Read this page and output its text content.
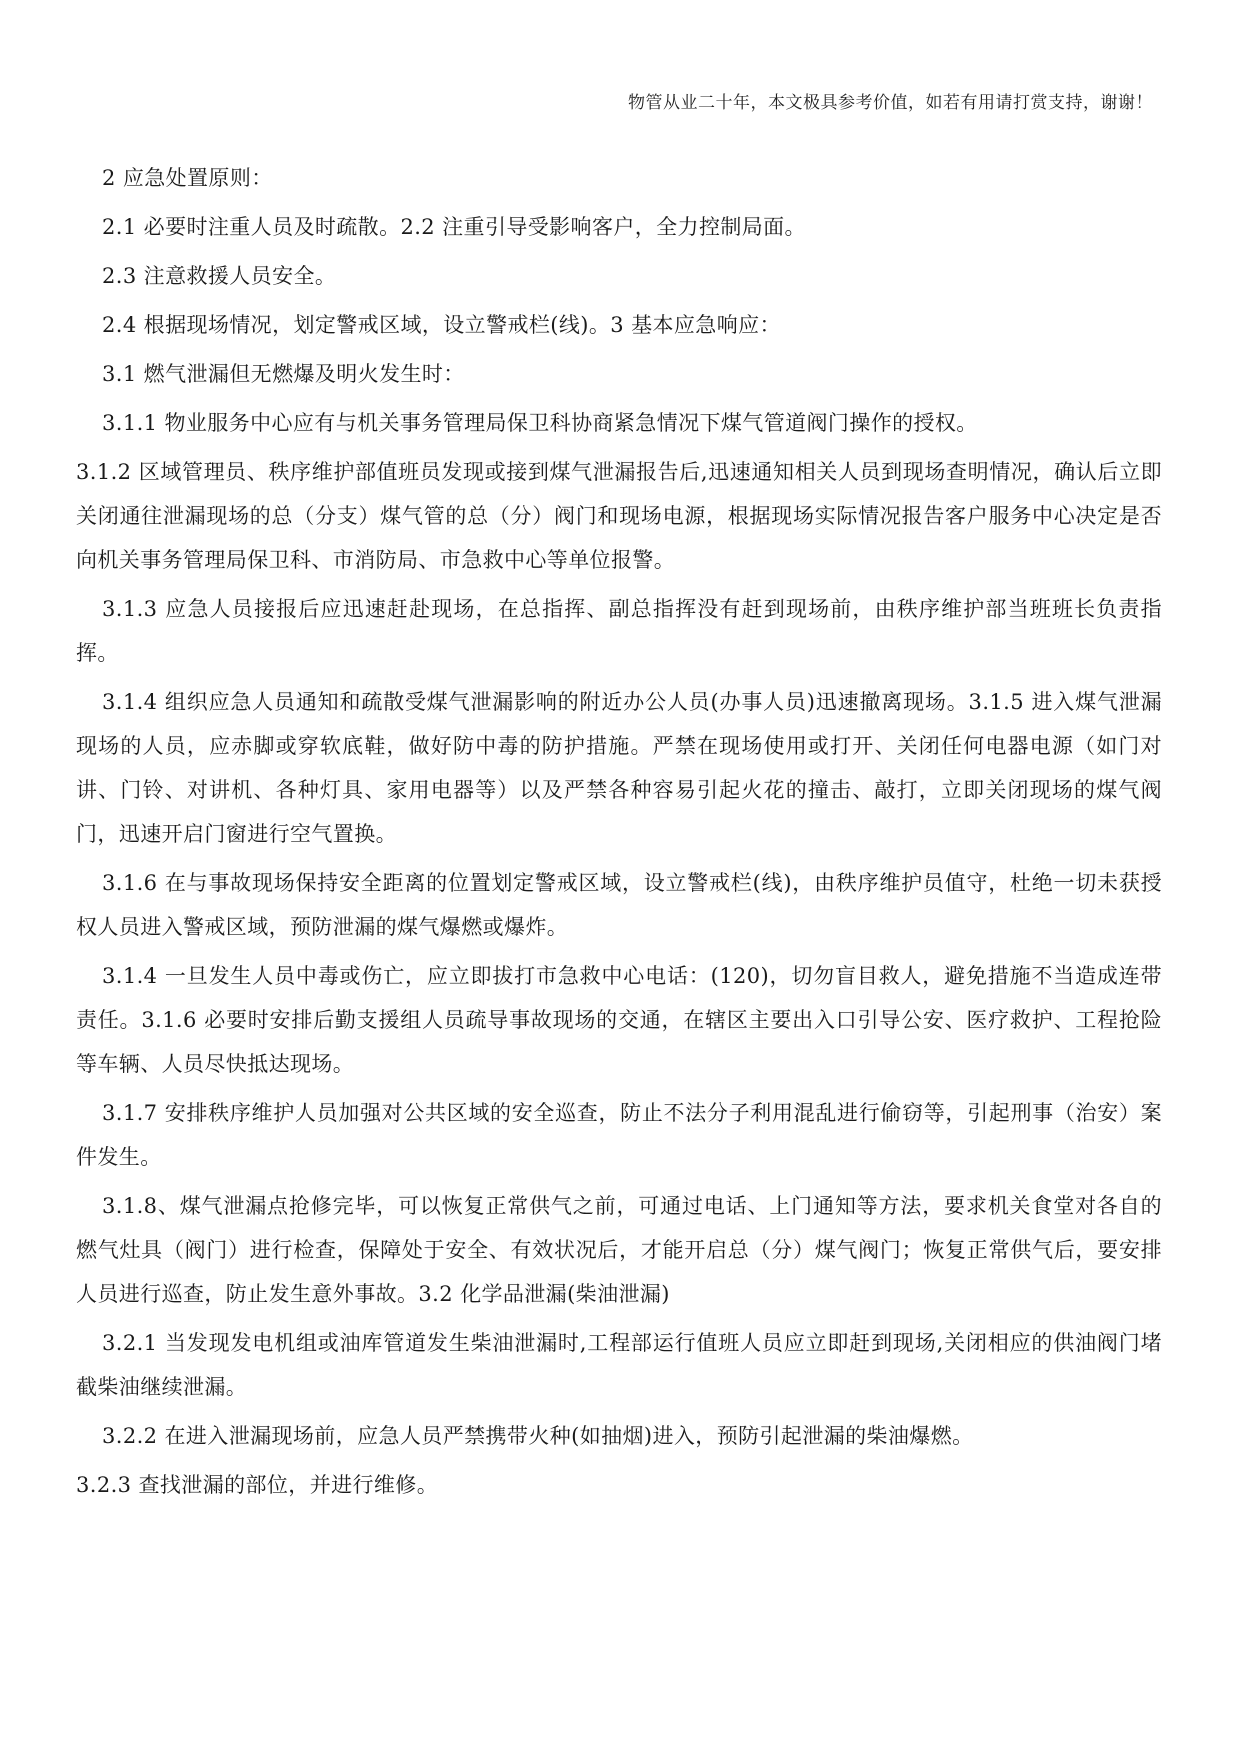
物管从业二十年，本文极具参考价值，如若有用请打赏支持，谢谢！

2 应急处置原则：

2.1 必要时注重人员及时疏散。2.2 注重引导受影响客户，全力控制局面。

2.3 注意救援人员安全。

2.4 根据现场情况，划定警戒区域，设立警戒栏(线)。3 基本应急响应：

3.1 燃气泄漏但无燃爆及明火发生时：

3.1.1 物业服务中心应有与机关事务管理局保卫科协商紧急情况下煤气管道阀门操作的授权。

3.1.2 区域管理员、秩序维护部值班员发现或接到煤气泄漏报告后,迅速通知相关人员到现场查明情况，确认后立即关闭通往泄漏现场的总（分支）煤气管的总（分）阀门和现场电源，根据现场实际情况报告客户服务中心决定是否向机关事务管理局保卫科、市消防局、市急救中心等单位报警。

3.1.3 应急人员接报后应迅速赶赴现场，在总指挥、副总指挥没有赶到现场前，由秩序维护部当班班长负责指挥。

3.1.4 组织应急人员通知和疏散受煤气泄漏影响的附近办公人员(办事人员)迅速撤离现场。3.1.5 进入煤气泄漏现场的人员，应赤脚或穿软底鞋，做好防中毒的防护措施。严禁在现场使用或打开、关闭任何电器电源（如门对讲、门铃、对讲机、各种灯具、家用电器等）以及严禁各种容易引起火花的撞击、敲打，立即关闭现场的煤气阀门，迅速开启门窗进行空气置换。

3.1.6 在与事故现场保持安全距离的位置划定警戒区域，设立警戒栏(线)，由秩序维护员值守，杜绝一切未获授权人员进入警戒区域，预防泄漏的煤气爆燃或爆炸。

3.1.4 一旦发生人员中毒或伤亡，应立即拔打市急救中心电话：(120)，切勿盲目救人，避免措施不当造成连带责任。3.1.6 必要时安排后勤支援组人员疏导事故现场的交通，在辖区主要出入口引导公安、医疗救护、工程抢险等车辆、人员尽快抵达现场。

3.1.7 安排秩序维护人员加强对公共区域的安全巡查，防止不法分子利用混乱进行偷窃等，引起刑事（治安）案件发生。

3.1.8、煤气泄漏点抢修完毕，可以恢复正常供气之前，可通过电话、上门通知等方法，要求机关食堂对各自的燃气灶具（阀门）进行检查，保障处于安全、有效状况后，才能开启总（分）煤气阀门；恢复正常供气后，要安排人员进行巡查，防止发生意外事故。3.2 化学品泄漏(柴油泄漏)

3.2.1 当发现发电机组或油库管道发生柴油泄漏时,工程部运行值班人员应立即赶到现场,关闭相应的供油阀门堵截柴油继续泄漏。

3.2.2 在进入泄漏现场前，应急人员严禁携带火种(如抽烟)进入，预防引起泄漏的柴油爆燃。

3.2.3 查找泄漏的部位，并进行维修。
